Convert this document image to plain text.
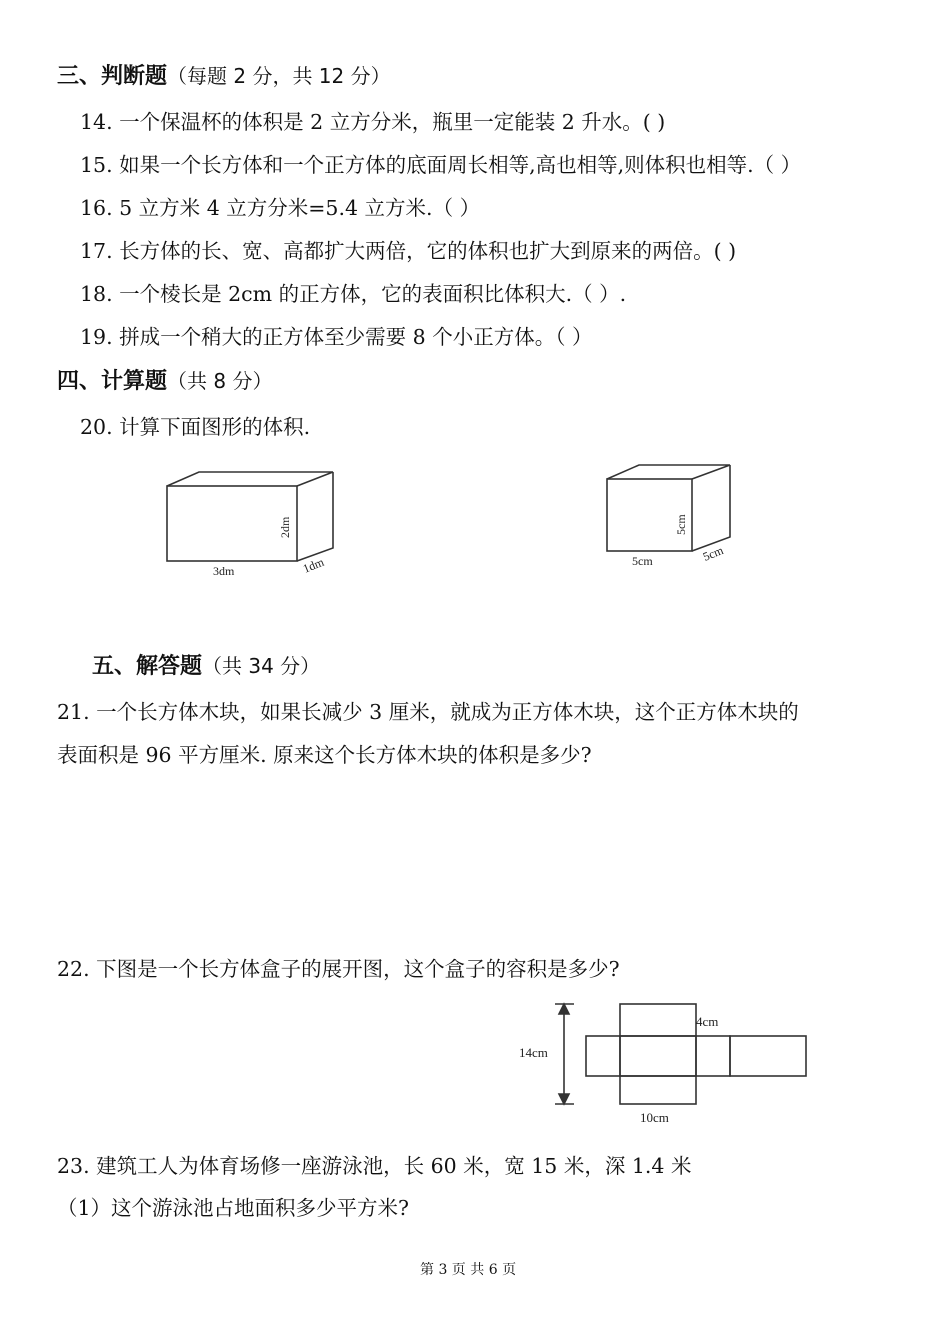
三、判断题（每题 2 分，共 12 分）
14. 一个保温杯的体积是 2 立方分米，瓶里一定能装 2 升水。( )
15. 如果一个长方体和一个正方体的底面周长相等,高也相等,则体积也相等.（ ）
16. 5 立方米 4 立方分米=5.4 立方米.（ ）
17. 长方体的长、宽、高都扩大两倍，它的体积也扩大到原来的两倍。( )
18. 一个棱长是 2cm 的正方体，它的表面积比体积大.（ ）.
19. 拼成一个稍大的正方体至少需要 8 个小正方体。（ ）
四、计算题（共 8 分）
20. 计算下面图形的体积.
3dm	1dm
2dm
5cm	5cm
5cm
五、解答题（共 34 分）
21. 一个长方体木块，如果长减少 3 厘米，就成为正方体木块，这个正方体木块的
表面积是 96 平方厘米. 原来这个长方体木块的体积是多少?
22. 下图是一个长方体盒子的展开图，这个盒子的容积是多少?
14cm
4cm
10cm
23. 建筑工人为体育场修一座游泳池，长 60 米，宽 15 米，深 1.4 米
（1）这个游泳池占地面积多少平方米?
第 3 页 共 6 页
